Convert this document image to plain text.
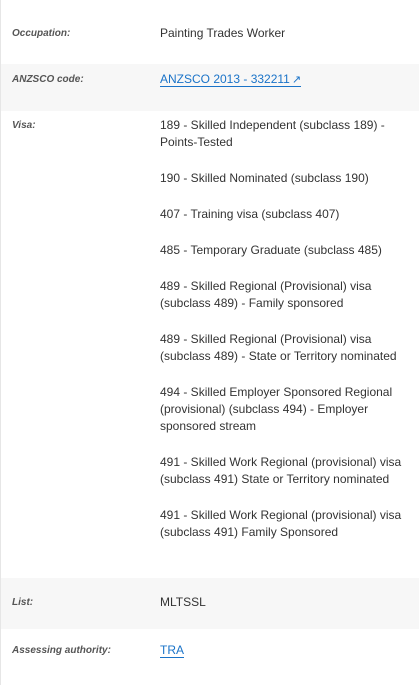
Occupation:	Painting Trades Worker
ANZSCO code:	ANZSCO 2013 - 332211 ↗
Visa:	189 - Skilled Independent (subclass 189) - Points-Tested
190 - Skilled Nominated (subclass 190)
407 - Training visa (subclass 407)
485 - Temporary Graduate (subclass 485)
489 - Skilled Regional (Provisional) visa (subclass 489) - Family sponsored
489 - Skilled Regional (Provisional) visa (subclass 489) - State or Territory nominated
494 - Skilled Employer Sponsored Regional (provisional) (subclass 494) - Employer sponsored stream
491 - Skilled Work Regional (provisional) visa (subclass 491) State or Territory nominated
491 - Skilled Work Regional (provisional) visa (subclass 491) Family Sponsored
List:	MLTSSL
Assessing authority:	TRA
